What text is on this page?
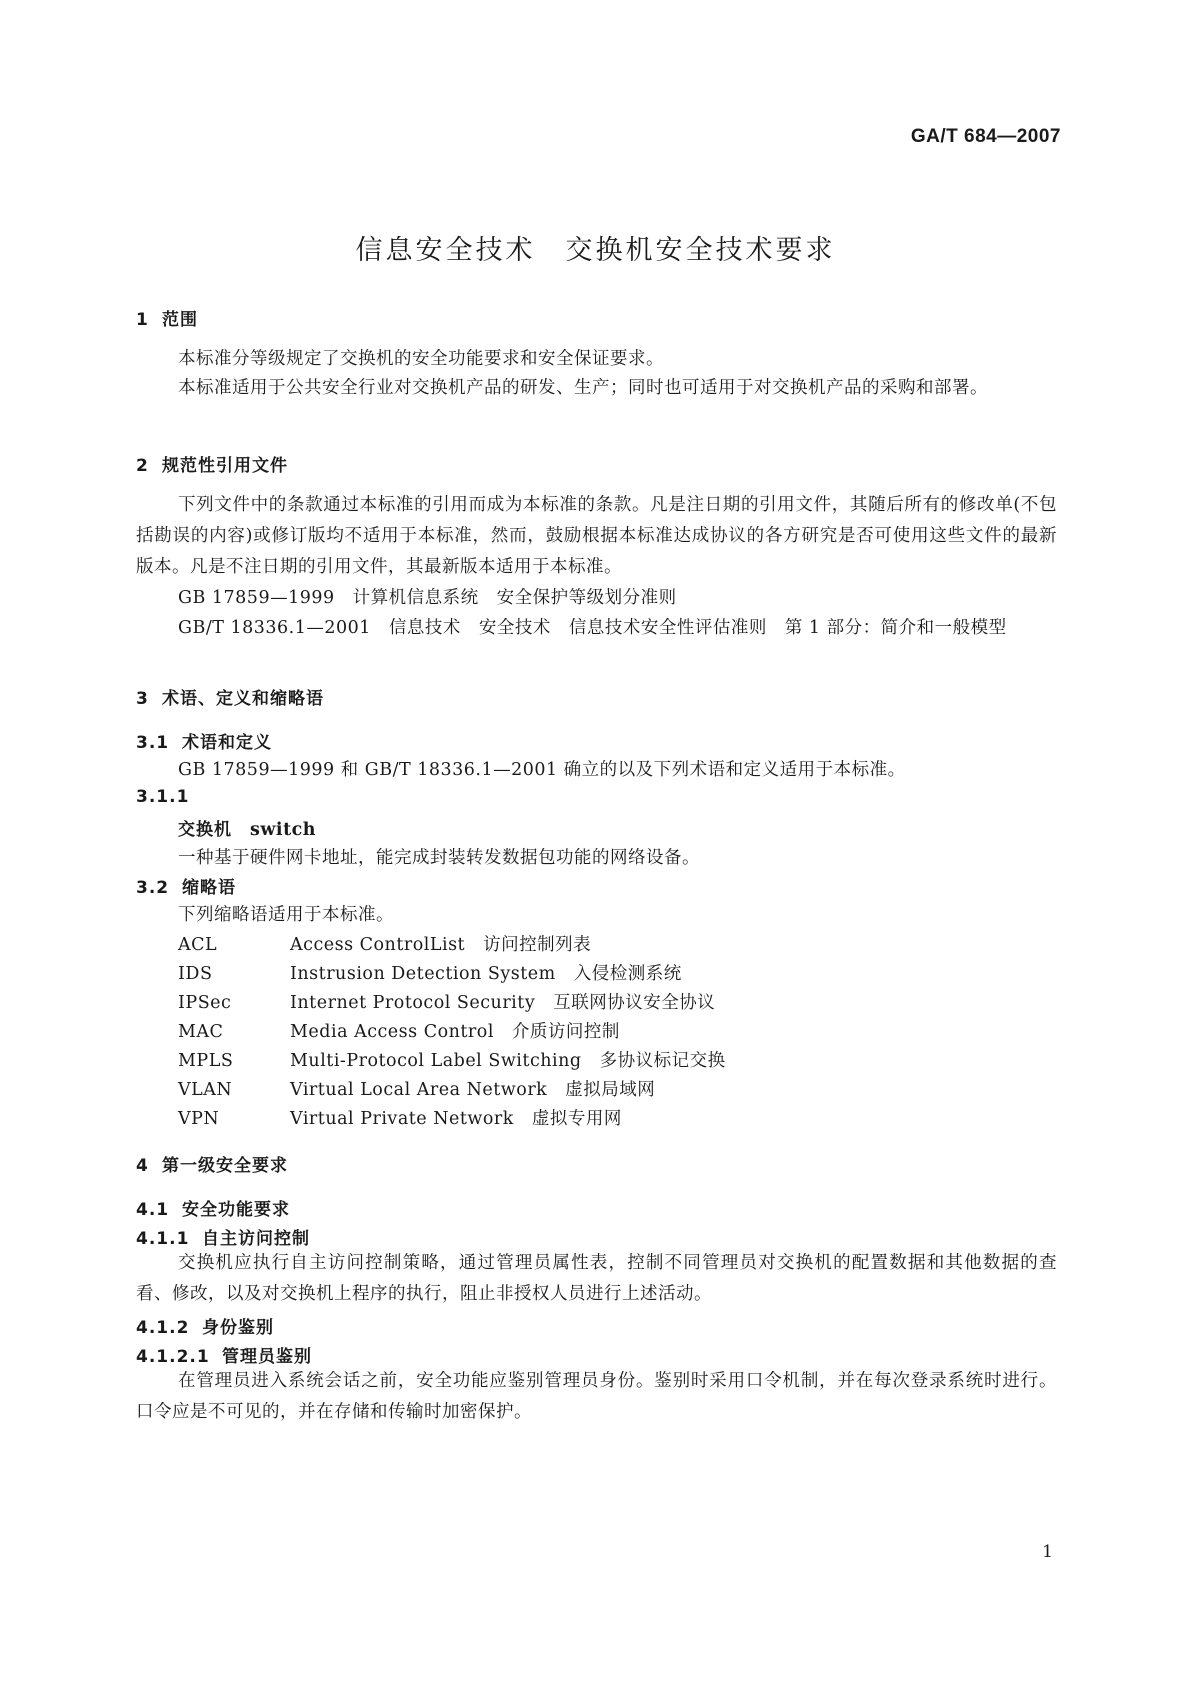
GA/T 684—2007
信息安全技术　交换机安全技术要求
1 范围
本标准分等级规定了交换机的安全功能要求和安全保证要求。
本标准适用于公共安全行业对交换机产品的研发、生产；同时也可适用于对交换机产品的采购和部署。
2 规范性引用文件
下列文件中的条款通过本标准的引用而成为本标准的条款。凡是注日期的引用文件，其随后所有的修改单(不包括勘误的内容)或修订版均不适用于本标准，然而，鼓励根据本标准达成协议的各方研究是否可使用这些文件的最新版本。凡是不注日期的引用文件，其最新版本适用于本标准。
GB 17859—1999　计算机信息系统　安全保护等级划分准则
GB/T 18336.1—2001　信息技术　安全技术　信息技术安全性评估准则　第 1 部分：简介和一般模型
3 术语、定义和缩略语
3.1 术语和定义
GB 17859—1999 和 GB/T 18336.1—2001 确立的以及下列术语和定义适用于本标准。
3.1.1
交换机 switch
一种基于硬件网卡地址，能完成封装转发数据包功能的网络设备。
3.2 缩略语
下列缩略语适用于本标准。
ACL	Access ControlList　访问控制列表
IDS	Instrusion Detection System　入侵检测系统
IPSec	Internet Protocol Security　互联网协议安全协议
MAC	Media Access Control　介质访问控制
MPLS	Multi-Protocol Label Switching　多协议标记交换
VLAN	Virtual Local Area Network　虚拟局域网
VPN	Virtual Private Network　虚拟专用网
4 第一级安全要求
4.1 安全功能要求
4.1.1 自主访问控制
交换机应执行自主访问控制策略，通过管理员属性表，控制不同管理员对交换机的配置数据和其他数据的查看、修改，以及对交换机上程序的执行，阻止非授权人员进行上述活动。
4.1.2 身份鉴别
4.1.2.1 管理员鉴别
在管理员进入系统会话之前，安全功能应鉴别管理员身份。鉴别时采用口令机制，并在每次登录系统时进行。口令应是不可见的，并在存储和传输时加密保护。
1
